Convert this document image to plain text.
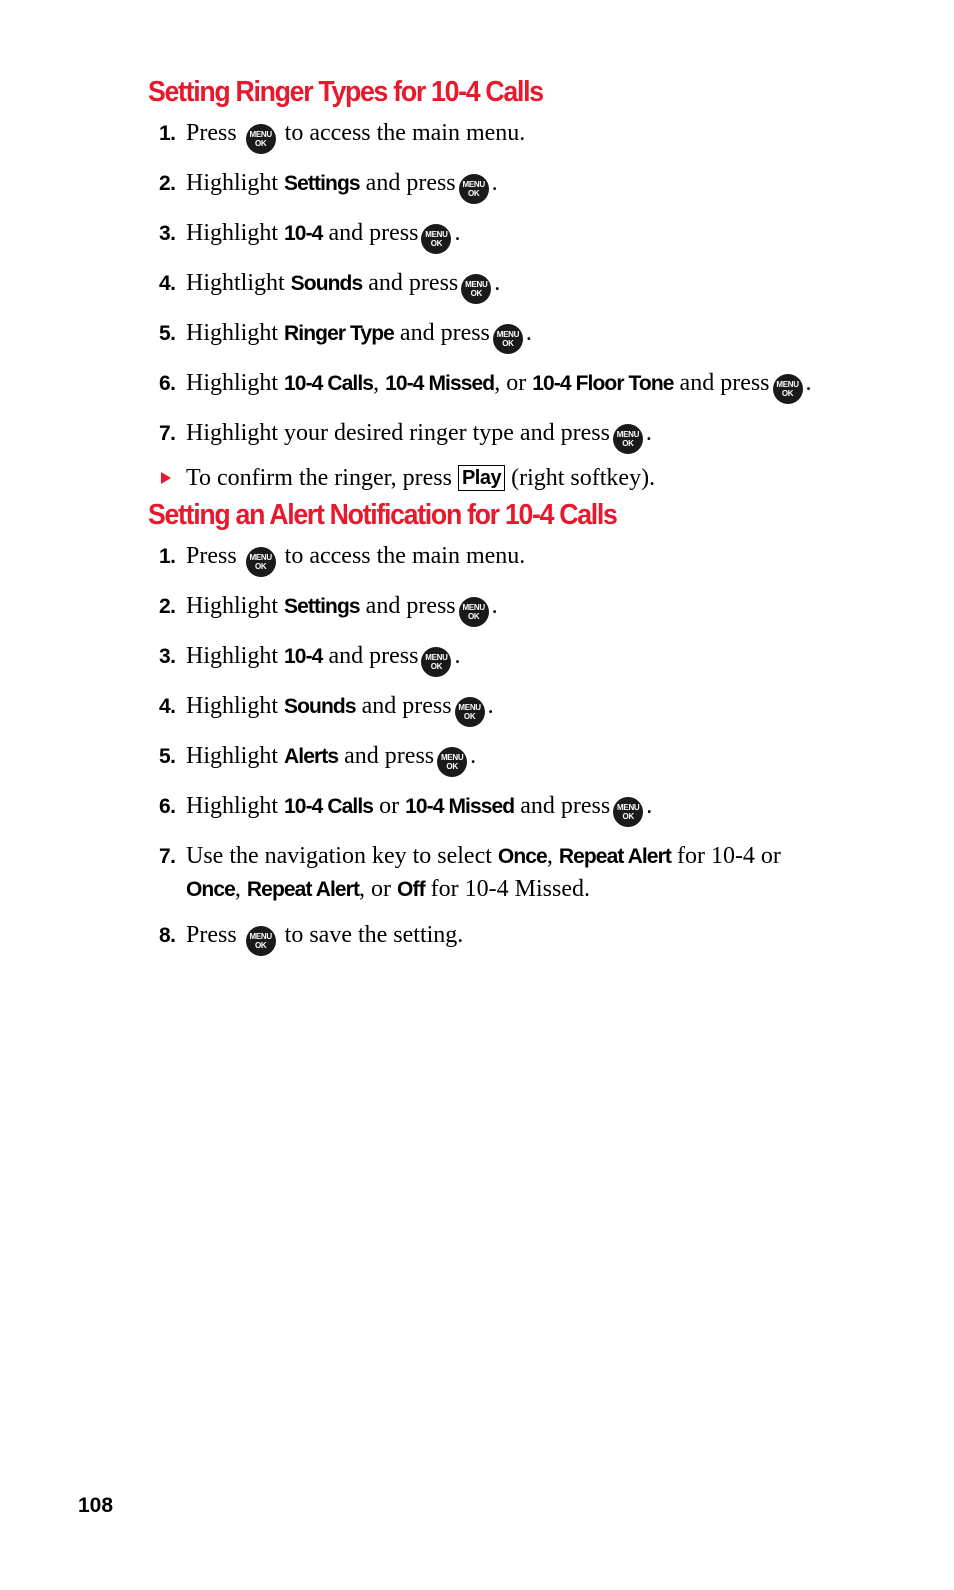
Setting Ringer Types for 10-4 Calls
1. Press	MENU
OK to access the main menu.
2. Highlight Settings and press MENU
OK .
3. Highlight 10-4 and press MENU
OK .
4. Hightlight Sounds and press MENU
OK .
5. Highlight Ringer Type and press MENU
OK .
6. Highlight 10-4 Calls, 10-4 Missed, or 10-4 Floor Tone and press MENU
OK .
7. Highlight your desired ringer type and press MENU
OK .
To confirm the ringer, press Play (right softkey).
Setting an Alert Notification for 10-4 Calls
1. Press	MENU
OK to access the main menu.
2. Highlight Settings and press MENU
OK .
3. Highlight 10-4 and press MENU
OK .
4. Highlight Sounds and press MENU
OK .
5. Highlight Alerts and press MENU
OK .
6. Highlight 10-4 Calls or 10-4 Missed and press MENU
OK .
7. Use the navigation key to select Once, Repeat Alert for 10-4 or
Once, Repeat Alert, or Off for 10-4 Missed.
8. Press	MENU
OK to save the setting.
108
